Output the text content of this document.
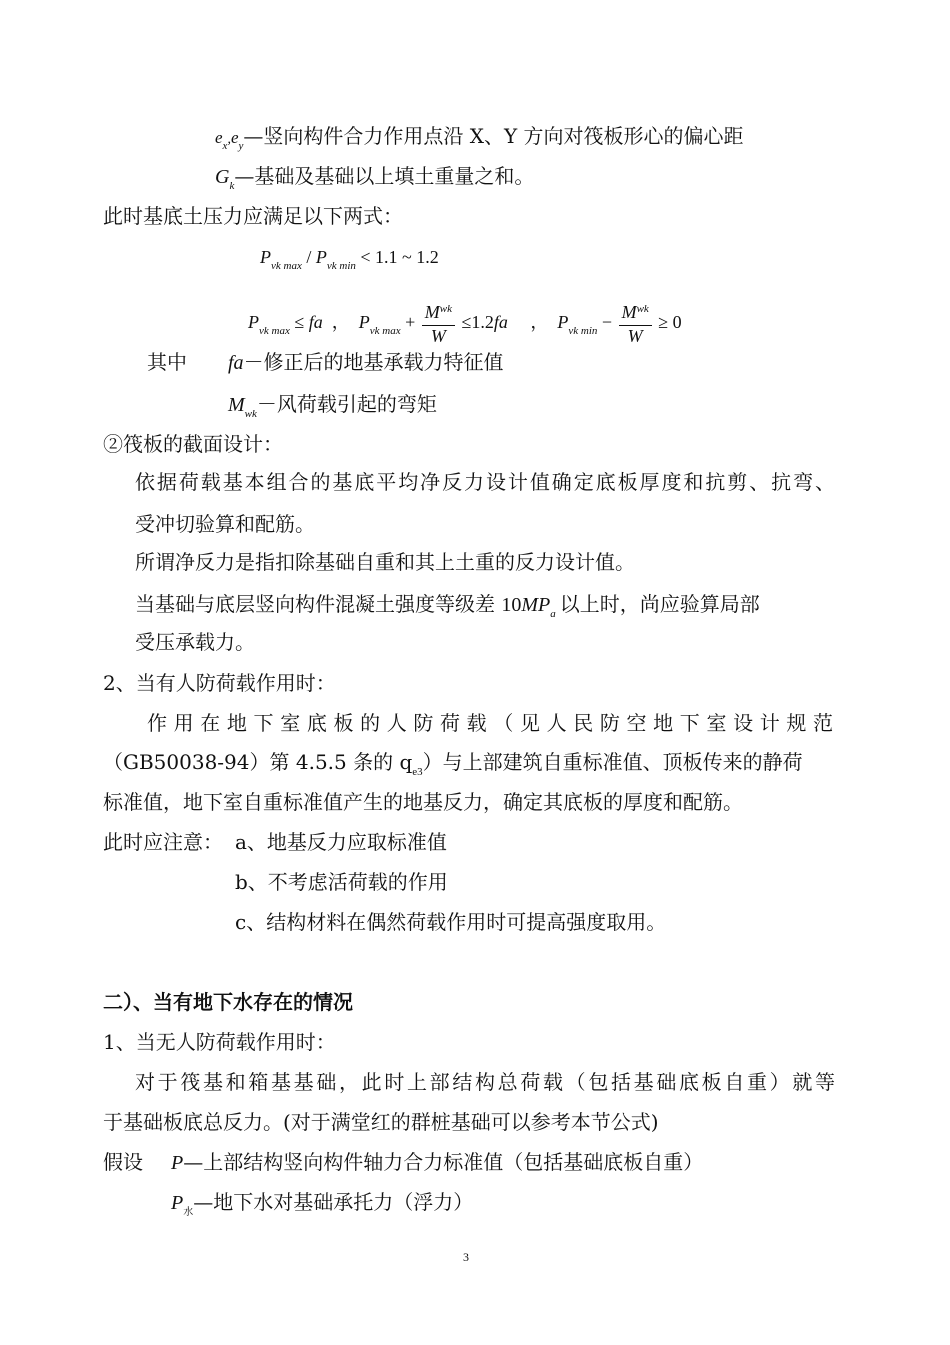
$e_x,e_y—$竖向构件合力作用点沿 X、Y 方向对筏板形心的偏心距
$G_k—$基础及基础以上填土重量之和。
此时基底土压力应满足以下两式：
$P_{vk max} / P_{vk min} < 1.1$ ~ 1.2
$P_{vk max}$ ≤ fa  ，  $P_{vk max} + \frac{M^{wk}}{W} \le 1.2fa$     ，  $P_{vk min} - \frac{M^{wk}}{W} \ge 0$
其中 fa－修正后的地基承载力特征值
$M_{wk}-$风荷载引起的弯矩
②筏板的截面设计：
依据荷载基本组合的基底平均净反力设计值确定底板厚度和抗剪、抗弯、
受冲切验算和配筋。
所谓净反力是指扣除基础自重和其上土重的反力设计值。
当基础与底层竖向构件混凝土强度等级差 $10MP_a$ 以上时，尚应验算局部
受压承载力。
2、当有人防荷载作用时：
作用在地下室底板的人防荷载（见人民防空地下室设计规范
（GB50038-94）第 4.5.5 条的 $q_{e3}$）与上部建筑自重标准值、顶板传来的静荷
标准值，地下室自重标准值产生的地基反力，确定其底板的厚度和配筋。
此时应注意： a、地基反力应取标准值
b、不考虑活荷载的作用
c、结构材料在偶然荷载作用时可提高强度取用。
二）、当有地下水存在的情况
1、当无人防荷载作用时：
对于筏基和箱基基础，此时上部结构总荷载（包括基础底板自重）就等
于基础板底总反力。(对于满堂红的群桩基础可以参考本节公式)
假设 P—上部结构竖向构件轴力合力标准值（包括基础底板自重）
$P_水—$地下水对基础承托力（浮力）
3
